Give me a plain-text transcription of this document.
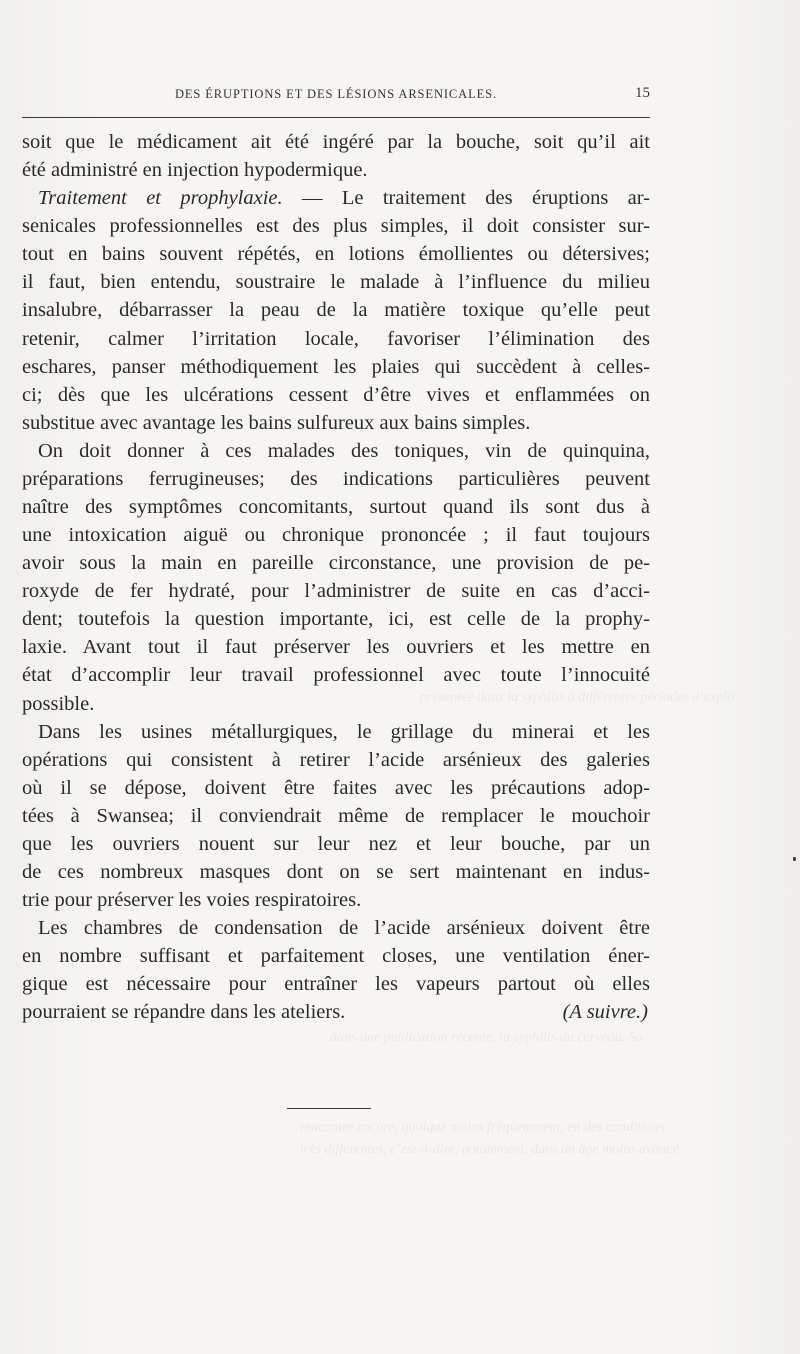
présentée dans la syphilis à différentes périodes d’explo
dans une publication récente, la syphilis du cerveau. Sa
rencontre encore, quoique moins fréquemment, en des conditions
très différentes, c’est-à-dire, notamment, dans un âge moins avancé
DES ÉRUPTIONS ET DES LÉSIONS ARSENICALES.	15
soit que le médicament ait été ingéré par la bouche, soit qu’il ait
été administré en injection hypodermique.
Traitement et prophylaxie. — Le traitement des éruptions ar-
senicales professionnelles est des plus simples, il doit consister sur-
tout en bains souvent répétés, en lotions émollientes ou détersives;
il faut, bien entendu, soustraire le malade à l’influence du milieu
insalubre, débarrasser la peau de la matière toxique qu’elle peut
retenir, calmer l’irritation locale, favoriser l’élimination des
eschares, panser méthodiquement les plaies qui succèdent à celles-
ci; dès que les ulcérations cessent d’être vives et enflammées on
substitue avec avantage les bains sulfureux aux bains simples.
On doit donner à ces malades des toniques, vin de quinquina,
préparations ferrugineuses; des indications particulières peuvent
naître des symptômes concomitants, surtout quand ils sont dus à
une intoxication aiguë ou chronique prononcée ; il faut toujours
avoir sous la main en pareille circonstance, une provision de pe-
roxyde de fer hydraté, pour l’administrer de suite en cas d’acci-
dent; toutefois la question importante, ici, est celle de la prophy-
laxie. Avant tout il faut préserver les ouvriers et les mettre en
état d’accomplir leur travail professionnel avec toute l’innocuité
possible.
Dans les usines métallurgiques, le grillage du minerai et les
opérations qui consistent à retirer l’acide arsénieux des galeries
où il se dépose, doivent être faites avec les précautions adop-
tées à Swansea; il conviendrait même de remplacer le mouchoir
que les ouvriers nouent sur leur nez et leur bouche, par un
de ces nombreux masques dont on se sert maintenant en indus-
trie pour préserver les voies respiratoires.
Les chambres de condensation de l’acide arsénieux doivent être
en nombre suffisant et parfaitement closes, une ventilation éner-
gique est nécessaire pour entraîner les vapeurs partout où elles
pourraient se répandre dans les ateliers.	(A suivre.)
